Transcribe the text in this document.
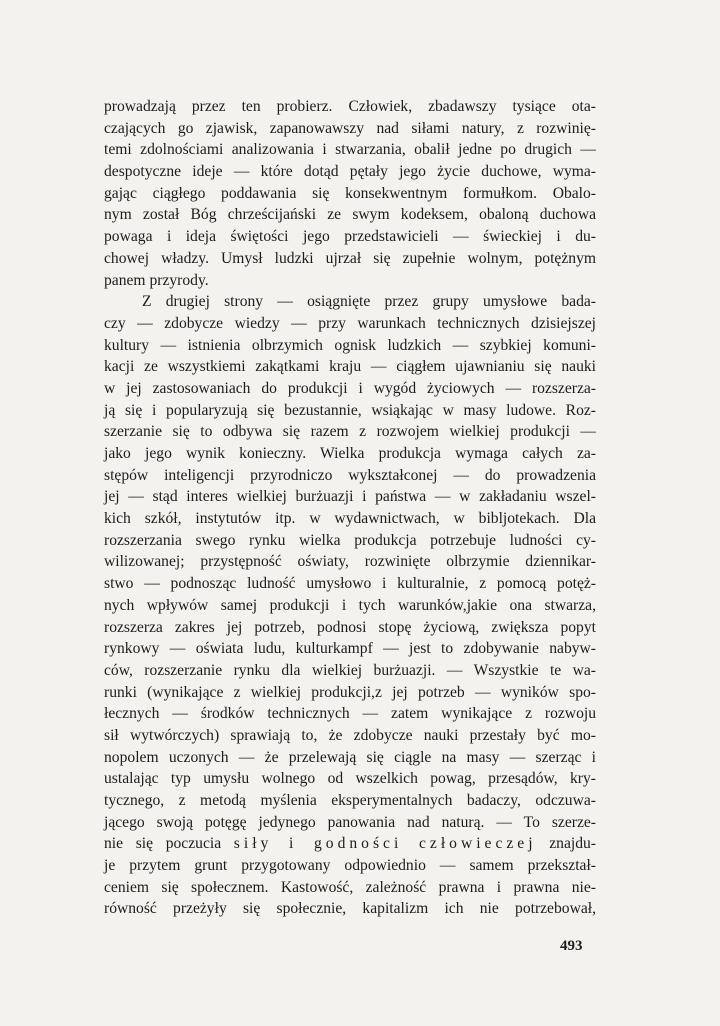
prowadzają przez ten probierz. Człowiek, zbadawszy tysiące ota-
czających go zjawisk, zapanowawszy nad siłami natury, z rozwinię-
temi zdolnościami analizowania i stwarzania, obalił jedne po drugich —
despotyczne ideje — które dotąd pętały jego życie duchowe, wyma-
gając ciągłego poddawania się konsekwentnym formułkom. Obalo-
nym został Bóg chrześcijański ze swym kodeksem, obaloną duchowa
powaga i ideja świętości jego przedstawicieli — świeckiej i du-
chowej władzy. Umysł ludzki ujrzał się zupełnie wolnym, potężnym
panem przyrody.
Z drugiej strony — osiągnięte przez grupy umysłowe bada-
czy — zdobycze wiedzy — przy warunkach technicznych dzisiejszej
kultury — istnienia olbrzymich ognisk ludzkich — szybkiej komuni-
kacji ze wszystkiemi zakątkami kraju — ciągłem ujawnianiu się nauki
w jej zastosowaniach do produkcji i wygód życiowych — rozszerza-
ją się i popularyzują się bezustannie, wsiąkając w masy ludowe. Roz-
szerzanie się to odbywa się razem z rozwojem wielkiej produkcji —
jako jego wynik konieczny. Wielka produkcja wymaga całych za-
stępów inteligencji przyrodniczo wykształconej — do prowadzenia
jej — stąd interes wielkiej burżuazji i państwa — w zakładaniu wszel-
kich szkół, instytutów itp. w wydawnictwach, w bibljotekach. Dla
rozszerzania swego rynku wielka produkcja potrzebuje ludności cy-
wilizowanej; przystępność oświaty, rozwinięte olbrzymie dziennikar-
stwo — podnosząc ludność umysłowo i kulturalnie, z pomocą potęż-
nych wpływów samej produkcji i tych warunków,jakie ona stwarza,
rozszerza zakres jej potrzeb, podnosi stopę życiową, zwiększa popyt
rynkowy — oświata ludu, kulturkampf — jest to zdobywanie nabyw-
ców, rozszerzanie rynku dla wielkiej burżuazji. — Wszystkie te wa-
runki (wynikające z wielkiej produkcji,z jej potrzeb — wyników spo-
łecznych — środków technicznych — zatem wynikające z rozwoju
sił wytwórczych) sprawiają to, że zdobycze nauki przestały być mo-
nopolem uczonych — że przelewają się ciągle na masy — szerząc i
ustalając typ umysłu wolnego od wszelkich powag, przesądów, kry-
tycznego, z metodą myślenia eksperymentalnych badaczy, odczuwa-
jącego swoją potęgę jedynego panowania nad naturą. — To szerze-
nie się poczucia siły i godności człowieczej znajdu-
je przytem grunt przygotowany odpowiednio — samem przekształ-
ceniem się społecznem. Kastowość, zależność prawna i prawna nie-
równość przeżyły się społecznie, kapitalizm ich nie potrzebował,
493
